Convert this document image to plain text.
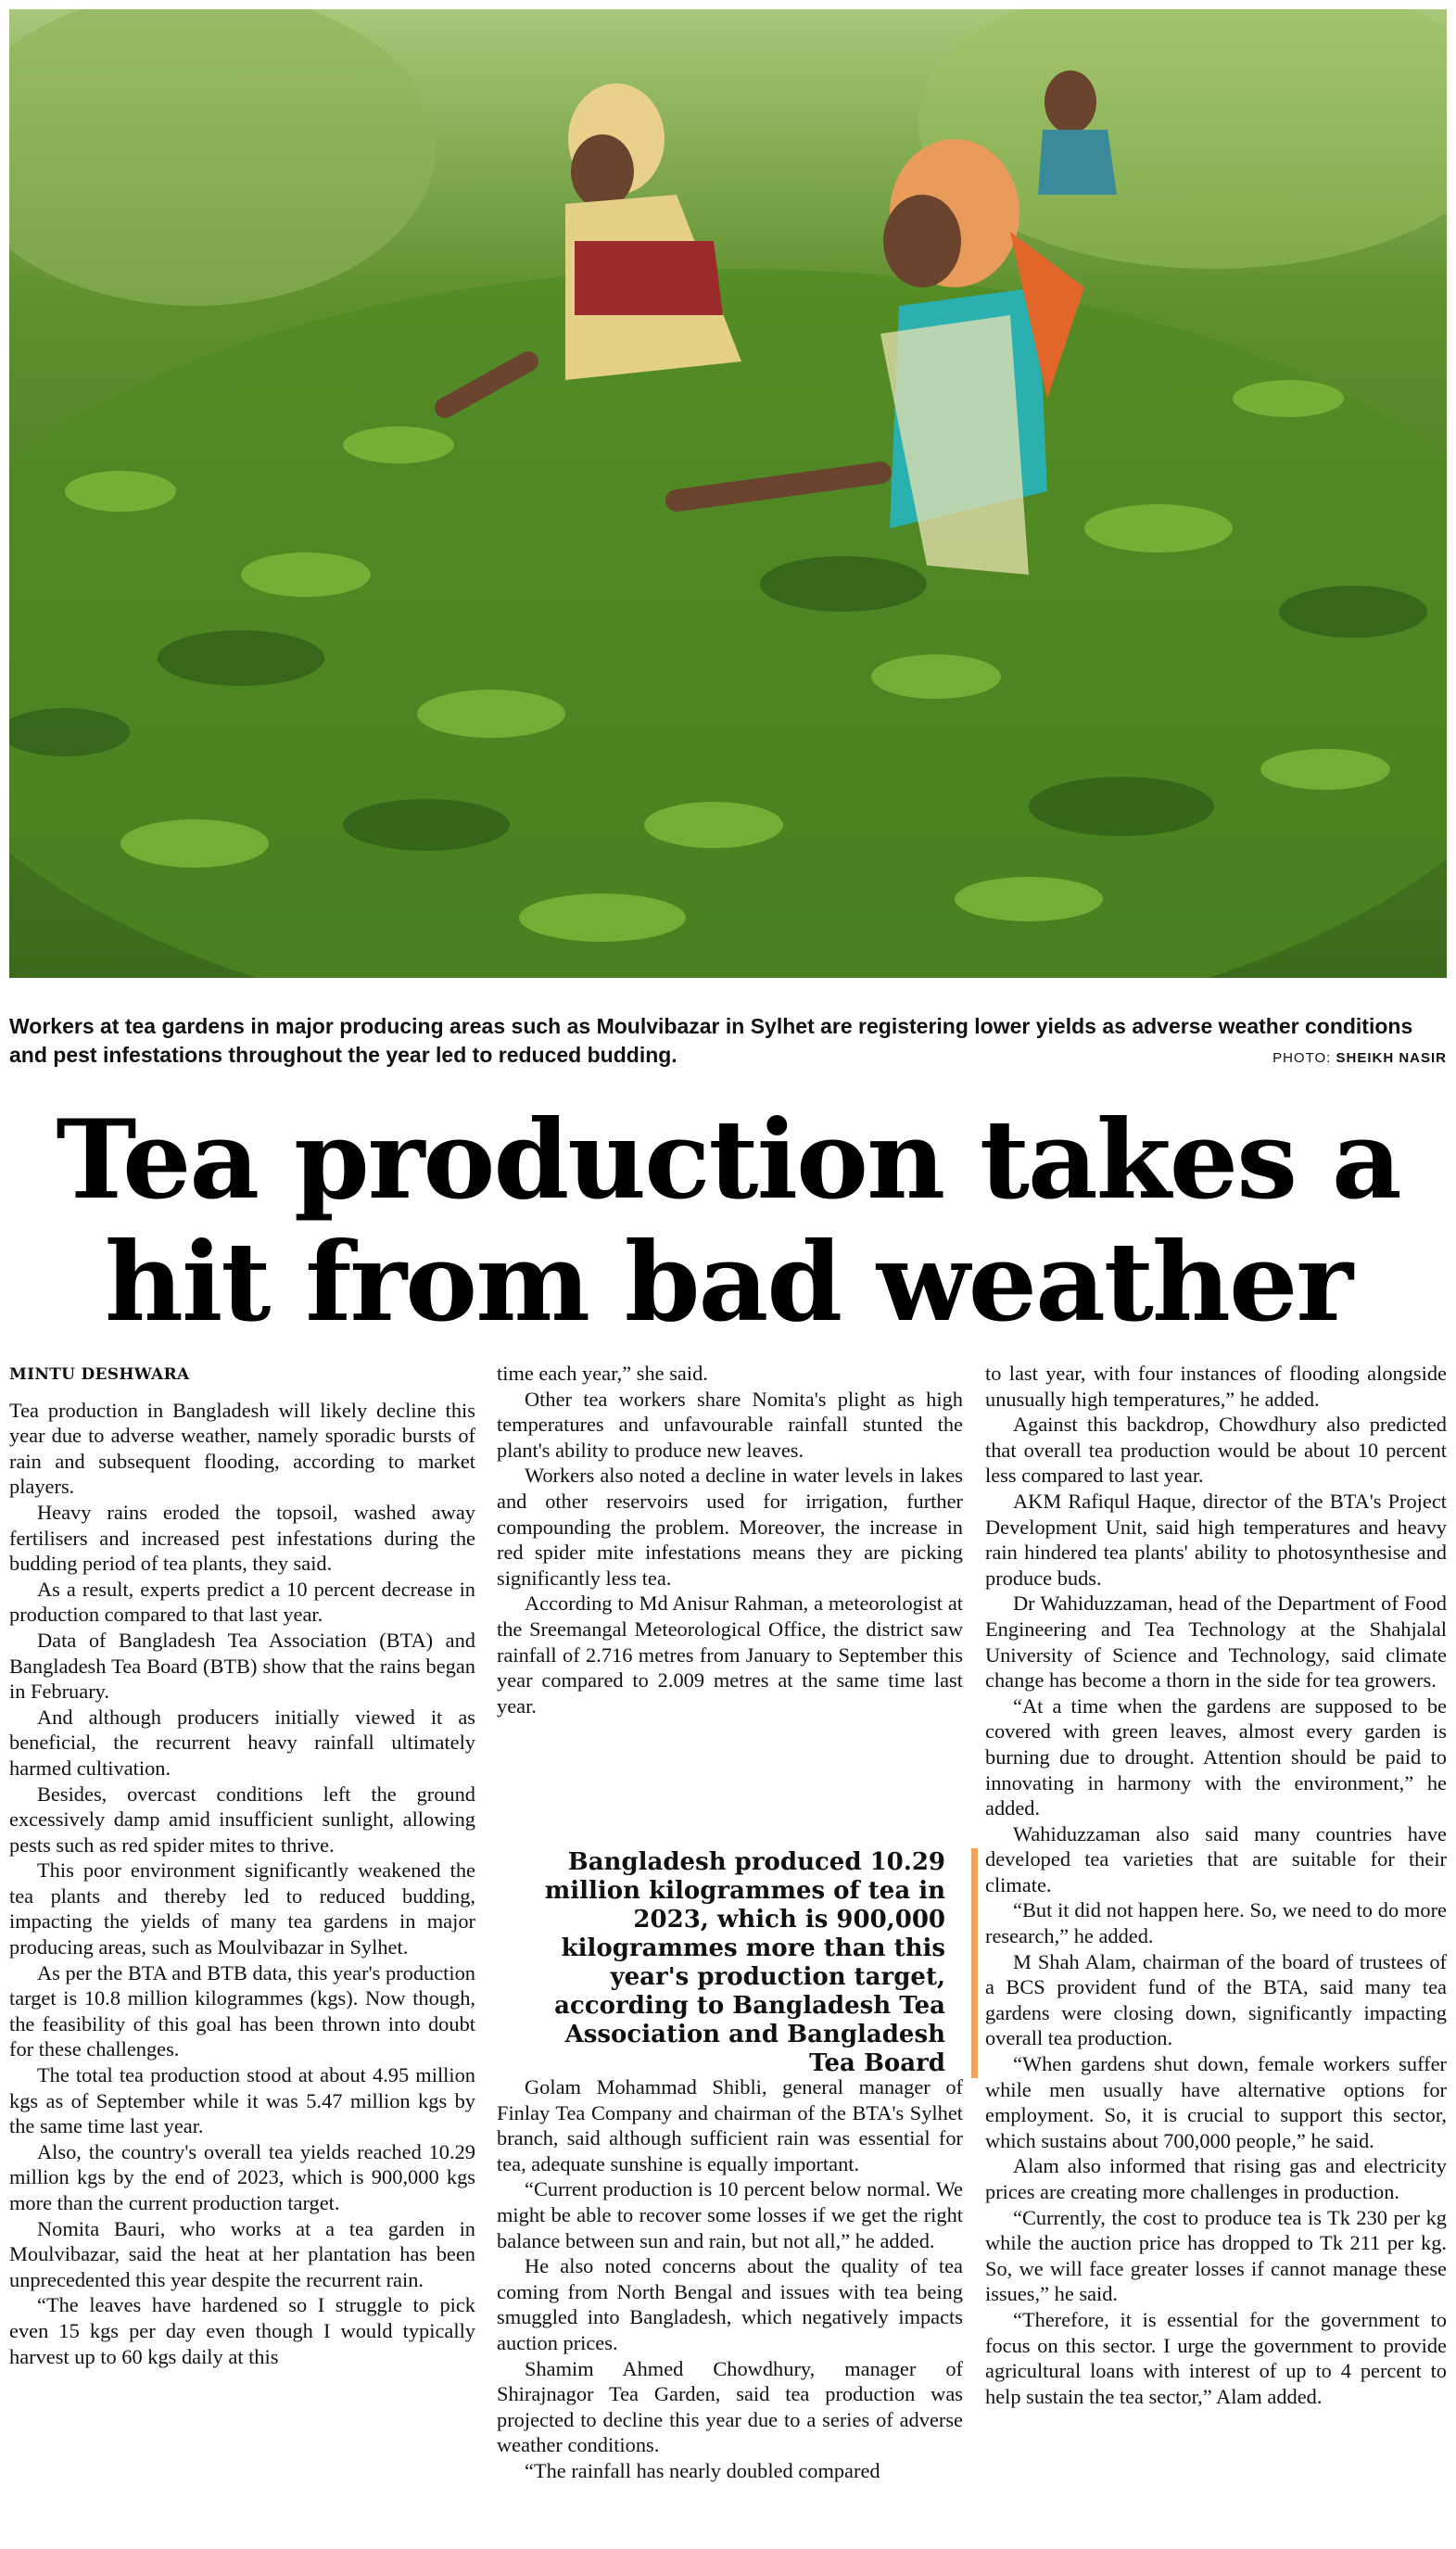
Workers at tea gardens in major producing areas such as Moulvibazar in Sylhet are registering lower yields as adverse weather conditions and pest infestations throughout the year led to reduced budding.	PHOTO: SHEIKH NASIR
Tea production takes a
hit from bad weather
MINTU DESHWARA

Tea production in Bangladesh will likely decline this year due to adverse weather, namely sporadic bursts of rain and subsequent flooding, according to market players.

Heavy rains eroded the topsoil, washed away fertilisers and increased pest infestations during the budding period of tea plants, they said.

As a result, experts predict a 10 percent decrease in production compared to that last year.

Data of Bangladesh Tea Association (BTA) and Bangladesh Tea Board (BTB) show that the rains began in February.

And although producers initially viewed it as beneficial, the recurrent heavy rainfall ultimately harmed cultivation.

Besides, overcast conditions left the ground excessively damp amid insufficient sunlight, allowing pests such as red spider mites to thrive.

This poor environment significantly weakened the tea plants and thereby led to reduced budding, impacting the yields of many tea gardens in major producing areas, such as Moulvibazar in Sylhet.

As per the BTA and BTB data, this year's production target is 10.8 million kilogrammes (kgs). Now though, the feasibility of this goal has been thrown into doubt for these challenges.

The total tea production stood at about 4.95 million kgs as of September while it was 5.47 million kgs by the same time last year.

Also, the country's overall tea yields reached 10.29 million kgs by the end of 2023, which is 900,000 kgs more than the current production target.

Nomita Bauri, who works at a tea garden in Moulvibazar, said the heat at her plantation has been unprecedented this year despite the recurrent rain.

“The leaves have hardened so I struggle to pick even 15 kgs per day even though I would typically harvest up to 60 kgs daily at this

time each year,” she said.

Other tea workers share Nomita's plight as high temperatures and unfavourable rainfall stunted the plant's ability to produce new leaves.

Workers also noted a decline in water levels in lakes and other reservoirs used for irrigation, further compounding the problem. Moreover, the increase in red spider mite infestations means they are picking significantly less tea.

According to Md Anisur Rahman, a meteorologist at the Sreemangal Meteorological Office, the district saw rainfall of 2.716 metres from January to September this year compared to 2.009 metres at the same time last year.

Bangladesh produced 10.29 million kilogrammes of tea in 2023, which is 900,000 kilogrammes more than this year's production target, according to Bangladesh Tea Association and Bangladesh Tea Board

Golam Mohammad Shibli, general manager of Finlay Tea Company and chairman of the BTA's Sylhet branch, said although sufficient rain was essential for tea, adequate sunshine is equally important.

“Current production is 10 percent below normal. We might be able to recover some losses if we get the right balance between sun and rain, but not all,” he added.

He also noted concerns about the quality of tea coming from North Bengal and issues with tea being smuggled into Bangladesh, which negatively impacts auction prices.

Shamim Ahmed Chowdhury, manager of Shirajnagor Tea Garden, said tea production was projected to decline this year due to a series of adverse weather conditions.

“The rainfall has nearly doubled compared

to last year, with four instances of flooding alongside unusually high temperatures,” he added.

Against this backdrop, Chowdhury also predicted that overall tea production would be about 10 percent less compared to last year.

AKM Rafiqul Haque, director of the BTA's Project Development Unit, said high temperatures and heavy rain hindered tea plants' ability to photosynthesise and produce buds.

Dr Wahiduzzaman, head of the Department of Food Engineering and Tea Technology at the Shahjalal University of Science and Technology, said climate change has become a thorn in the side for tea growers.

“At a time when the gardens are supposed to be covered with green leaves, almost every garden is burning due to drought. Attention should be paid to innovating in harmony with the environment,” he added.

Wahiduzzaman also said many countries have developed tea varieties that are suitable for their climate.

“But it did not happen here. So, we need to do more research,” he added.

M Shah Alam, chairman of the board of trustees of a BCS provident fund of the BTA, said many tea gardens were closing down, significantly impacting overall tea production.

“When gardens shut down, female workers suffer while men usually have alternative options for employment. So, it is crucial to support this sector, which sustains about 700,000 people,” he said.

Alam also informed that rising gas and electricity prices are creating more challenges in production.

“Currently, the cost to produce tea is Tk 230 per kg while the auction price has dropped to Tk 211 per kg. So, we will face greater losses if cannot manage these issues,” he said.

“Therefore, it is essential for the government to focus on this sector. I urge the government to provide agricultural loans with interest of up to 4 percent to help sustain the tea sector,” Alam added.
